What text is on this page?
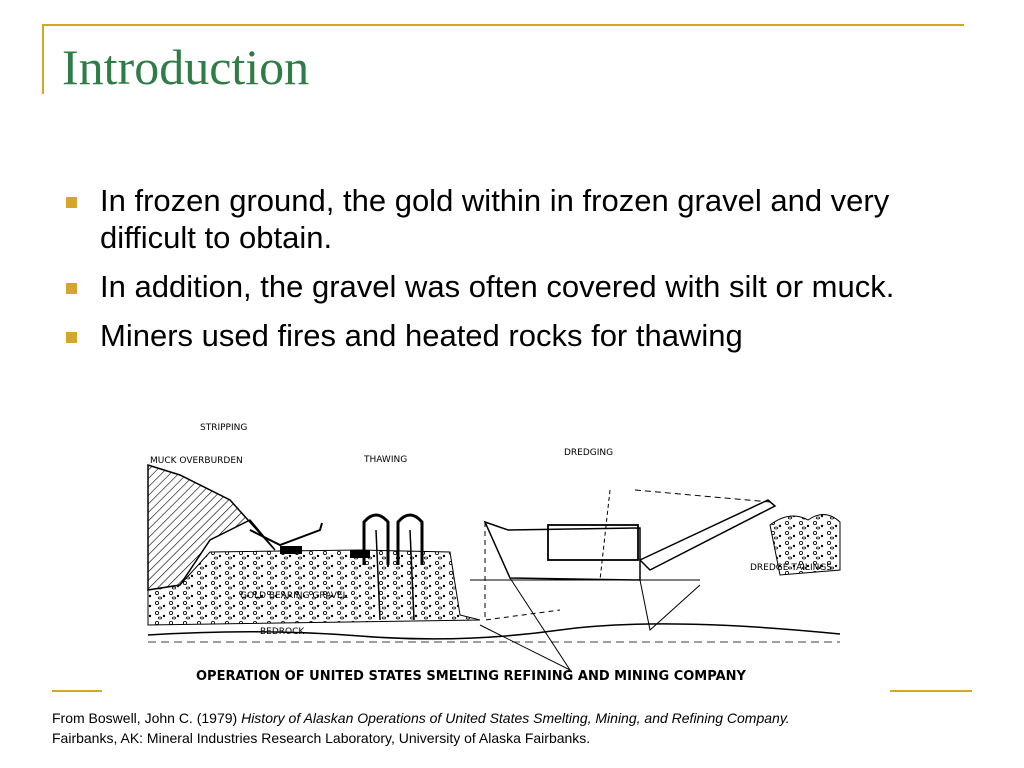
Introduction
In frozen ground, the gold within in frozen gravel and very difficult to obtain.
In addition, the gravel was often covered with silt or muck.
Miners used fires and heated rocks for thawing
STRIPPING
MUCK OVERBURDEN	THAWING
DREDGING
DREDGE TAILINGS
GOLD BEARING GRAVEL
BEDROCK
OPERATION OF UNITED STATES SMELTING REFINING AND MINING COMPANY
From Boswell, John C. (1979) History of Alaskan Operations of United States Smelting, Mining, and Refining Company.
Fairbanks, AK: Mineral Industries Research Laboratory, University of Alaska Fairbanks.
